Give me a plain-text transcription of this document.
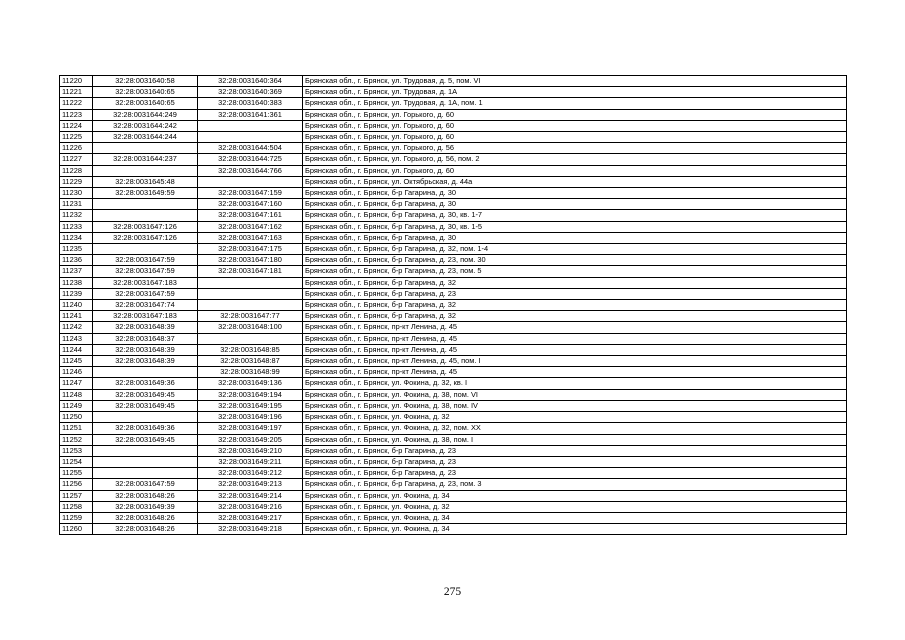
11220	32:28:0031640:58	32:28:0031640:364	Брянская обл., г. Брянск, ул. Трудовая, д. 5, пом. VI
11221	32:28:0031640:65	32:28:0031640:369	Брянская обл., г. Брянск, ул. Трудовая, д. 1А
11222	32:28:0031640:65	32:28:0031640:383	Брянская обл., г. Брянск, ул. Трудовая, д. 1А, пом. 1
11223	32:28:0031644:249	32:28:0031641:361	Брянская обл., г. Брянск, ул. Горького, д. 60
11224	32:28:0031644:242		Брянская обл., г. Брянск, ул. Горького, д. 60
11225	32:28:0031644:244		Брянская обл., г. Брянск, ул. Горького, д. 60
11226		32:28:0031644:504	Брянская обл., г. Брянск, ул. Горького, д. 56
11227	32:28:0031644:237	32:28:0031644:725	Брянская обл., г. Брянск, ул. Горького, д. 56, пом. 2
11228		32:28:0031644:766	Брянская обл., г. Брянск, ул. Горького, д. 60
11229	32:28:0031645:48		Брянская обл., г. Брянск, ул. Октябрьская, д. 44а
11230	32:28:0031649:59	32:28:0031647:159	Брянская обл., г. Брянск, б-р Гагарина, д. 30
11231		32:28:0031647:160	Брянская обл., г. Брянск, б-р Гагарина, д. 30
11232		32:28:0031647:161	Брянская обл., г. Брянск, б-р Гагарина, д. 30, кв. 1-7
11233	32:28:0031647:126	32:28:0031647:162	Брянская обл., г. Брянск, б-р Гагарина, д. 30, кв. 1-5
11234	32:28:0031647:126	32:28:0031647:163	Брянская обл., г. Брянск, б-р Гагарина, д. 30
11235		32:28:0031647:175	Брянская обл., г. Брянск, б-р Гагарина, д. 32, пом. 1-4
11236	32:28:0031647:59	32:28:0031647:180	Брянская обл., г. Брянск, б-р Гагарина, д. 23, пом. 30
11237	32:28:0031647:59	32:28:0031647:181	Брянская обл., г. Брянск, б-р Гагарина, д. 23, пом. 5
11238	32:28:0031647:183		Брянская обл., г. Брянск, б-р Гагарина, д. 32
11239	32:28:0031647:59		Брянская обл., г. Брянск, б-р Гагарина, д. 23
11240	32:28:0031647:74		Брянская обл., г. Брянск, б-р Гагарина, д. 32
11241	32:28:0031647:183	32:28:0031647:77	Брянская обл., г. Брянск, б-р Гагарина, д. 32
11242	32:28:0031648:39	32:28:0031648:100	Брянская обл., г. Брянск, пр-кт Ленина, д. 45
11243	32:28:0031648:37		Брянская обл., г. Брянск, пр-кт Ленина, д. 45
11244	32:28:0031648:39	32:28:0031648:85	Брянская обл., г. Брянск, пр-кт Ленина, д. 45
11245	32:28:0031648:39	32:28:0031648:87	Брянская обл., г. Брянск, пр-кт Ленина, д. 45, пом. I
11246		32:28:0031648:99	Брянская обл., г. Брянск, пр-кт Ленина, д. 45
11247	32:28:0031649:36	32:28:0031649:136	Брянская обл., г. Брянск, ул. Фокина, д. 32, кв. I
11248	32:28:0031649:45	32:28:0031649:194	Брянская обл., г. Брянск, ул. Фокина, д. 38, пом. VI
11249	32:28:0031649:45	32:28:0031649:195	Брянская обл., г. Брянск, ул. Фокина, д. 38, пом. IV
11250		32:28:0031649:196	Брянская обл., г. Брянск, ул. Фокина, д. 32
11251	32:28:0031649:36	32:28:0031649:197	Брянская обл., г. Брянск, ул. Фокина, д. 32, пом. XX
11252	32:28:0031649:45	32:28:0031649:205	Брянская обл., г. Брянск, ул. Фокина, д. 38, пом. I
11253		32:28:0031649:210	Брянская обл., г. Брянск, б-р Гагарина, д. 23
11254		32:28:0031649:211	Брянская обл., г. Брянск, б-р Гагарина, д. 23
11255		32:28:0031649:212	Брянская обл., г. Брянск, б-р Гагарина, д. 23
11256	32:28:0031647:59	32:28:0031649:213	Брянская обл., г. Брянск, б-р Гагарина, д. 23, пом. 3
11257	32:28:0031648:26	32:28:0031649:214	Брянская обл., г. Брянск, ул. Фокина, д. 34
11258	32:28:0031649:39	32:28:0031649:216	Брянская обл., г. Брянск, ул. Фокина, д. 32
11259	32:28:0031648:26	32:28:0031649:217	Брянская обл., г. Брянск, ул. Фокина, д. 34
11260	32:28:0031648:26	32:28:0031649:218	Брянская обл., г. Брянск, ул. Фокина, д. 34
275
